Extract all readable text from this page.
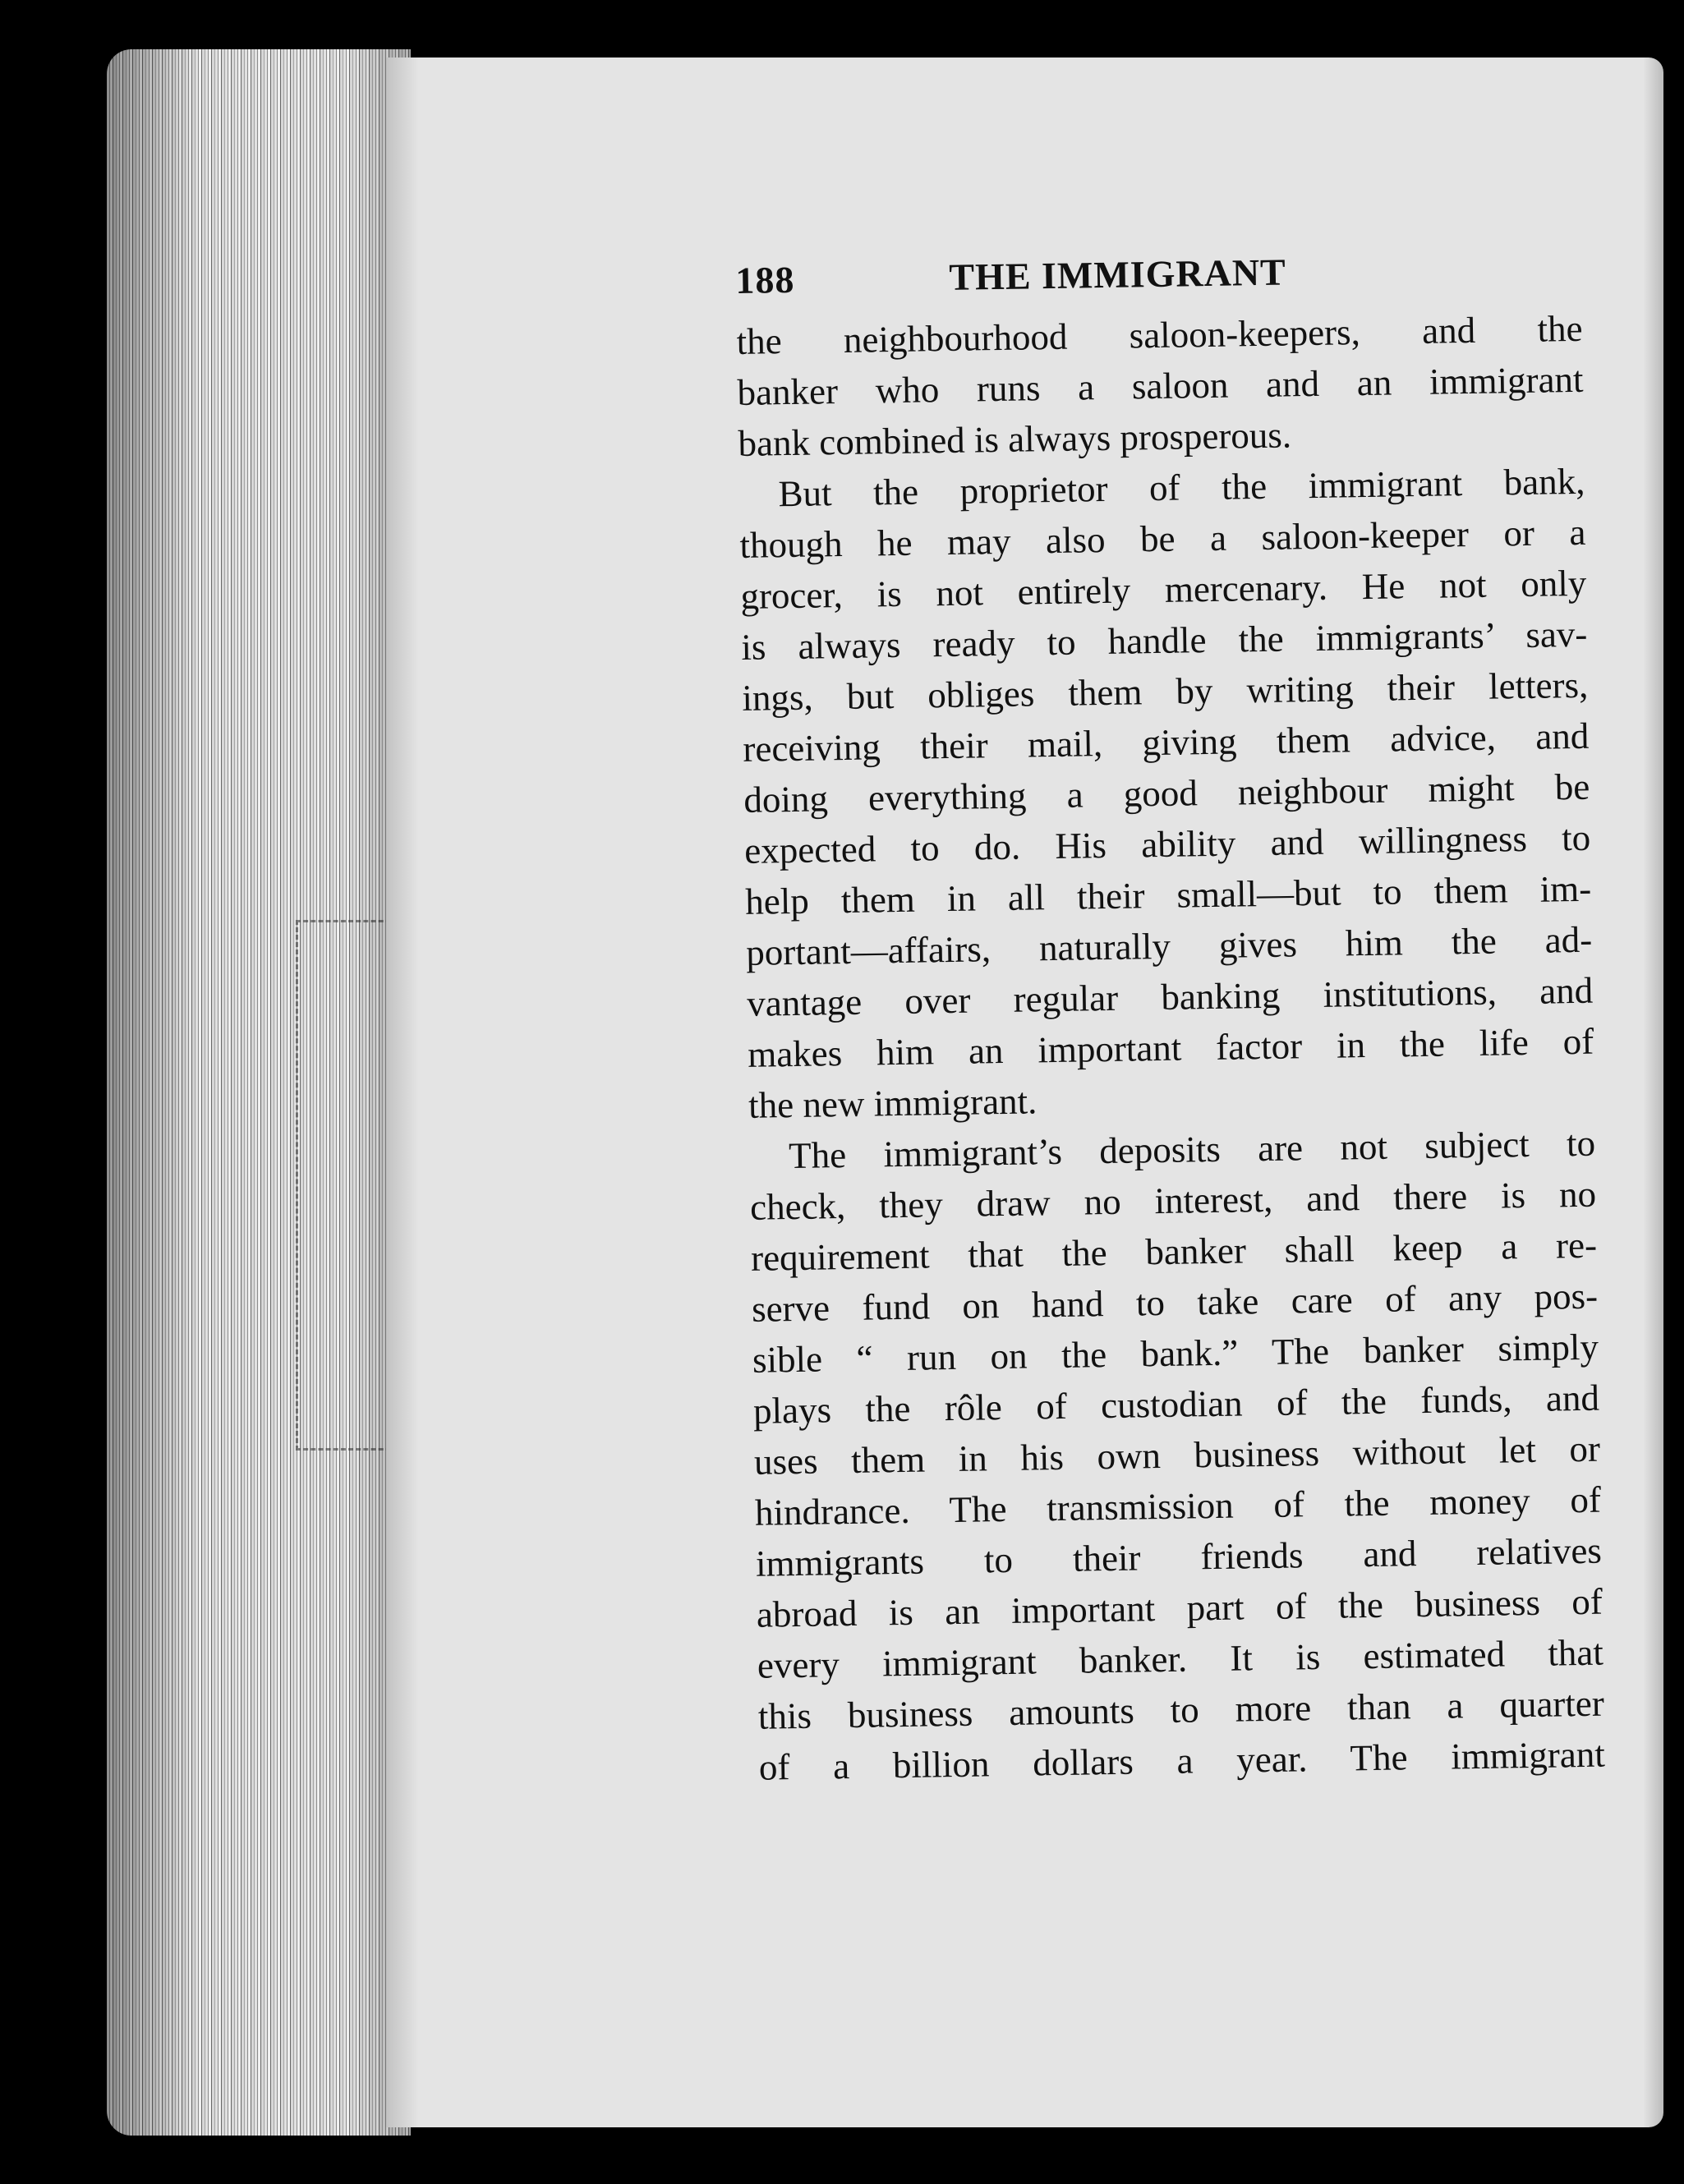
188	THE IMMIGRANT
the neighbourhood saloon-keepers, and the
banker who runs a saloon and an immigrant
bank combined is always prosperous.
But the proprietor of the immigrant bank,
though he may also be a saloon-keeper or a
grocer, is not entirely mercenary. He not only
is always ready to handle the immigrants’ sav-
ings, but obliges them by writing their letters,
receiving their mail, giving them advice, and
doing everything a good neighbour might be
expected to do. His ability and willingness to
help them in all their small—but to them im-
portant—affairs, naturally gives him the ad-
vantage over regular banking institutions, and
makes him an important factor in the life of
the new immigrant.
The immigrant’s deposits are not subject to
check, they draw no interest, and there is no
requirement that the banker shall keep a re-
serve fund on hand to take care of any pos-
sible “ run on the bank.” The banker simply
plays the rôle of custodian of the funds, and
uses them in his own business without let or
hindrance. The transmission of the money of
immigrants to their friends and relatives
abroad is an important part of the business of
every immigrant banker. It is estimated that
this business amounts to more than a quarter
of a billion dollars a year. The immigrant
